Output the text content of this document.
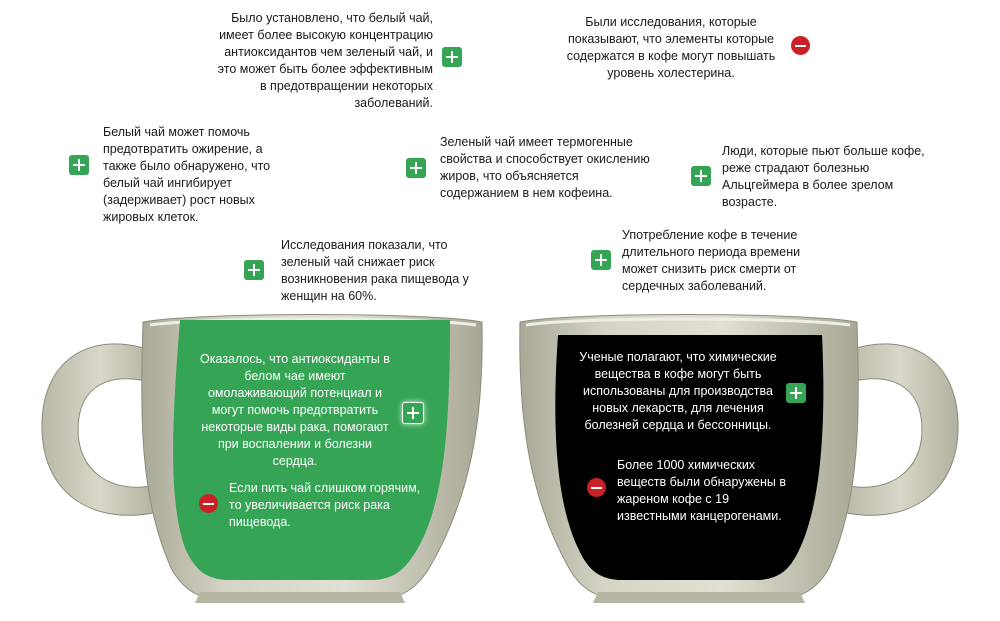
Было установлено, что белый чай, имеет более высокую концентрацию антиоксидантов чем зеленый чай, и это может быть более эффективным в предотвращении некоторых заболеваний.
Были исследования, которые показывают, что элементы которые содержатся в кофе могут повышать уровень холестерина.
Белый чай может помочь предотвратить ожирение, а также было обнаружено, что белый чай ингибирует (задерживает) рост новых жировых клеток.
Зеленый чай имеет термогенные свойства и способствует окислению жиров, что объясняется содержанием в нем кофеина.
Люди, которые пьют больше кофе, реже страдают болезнью Альцгеймера в более зрелом возрасте.
Исследования показали, что зеленый чай снижает риск возникновения рака пищевода у женщин на 60%.
Употребление кофе в течение длительного периода времени может снизить риск смерти от сердечных заболеваний.
Оказалось, что антиоксиданты в белом чае имеют омолаживающий потенциал и могут помочь предотвратить некоторые виды рака, помогают при воспалении и болезни сердца.
Если пить чай слишком горячим, то увеличивается риск рака пищевода.
Ученые полагают, что химические вещества в кофе могут быть использованы для производства новых лекарств, для лечения болезней сердца и бессонницы.
Более 1000 химических веществ были обнаружены в жареном кофе с 19 известными канцерогенами.
